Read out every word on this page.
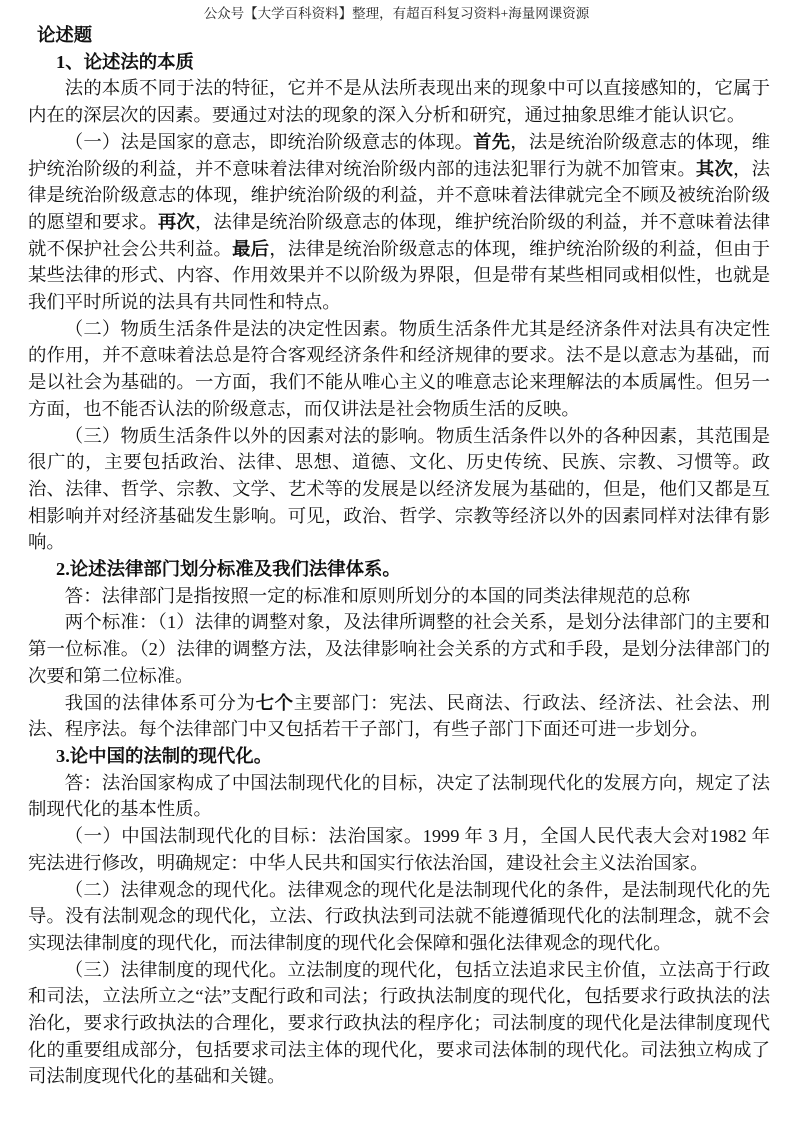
公众号【大学百科资料】整理，有超百科复习资料+海量网课资源
论述题
1、论述法的本质

法的本质不同于法的特征，它并不是从法所表现出来的现象中可以直接感知的，它属于内在的深层次的因素。要通过对法的现象的深入分析和研究，通过抽象思维才能认识它。

（一）法是国家的意志，即统治阶级意志的体现。首先，法是统治阶级意志的体现，维护统治阶级的利益，并不意味着法律对统治阶级内部的违法犯罪行为就不加管束。其次，法律是统治阶级意志的体现，维护统治阶级的利益，并不意味着法律就完全不顾及被统治阶级的愿望和要求。再次，法律是统治阶级意志的体现，维护统治阶级的利益，并不意味着法律就不保护社会公共利益。最后，法律是统治阶级意志的体现，维护统治阶级的利益，但由于某些法律的形式、内容、作用效果并不以阶级为界限，但是带有某些相同或相似性，也就是我们平时所说的法具有共同性和特点。

（二）物质生活条件是法的决定性因素。物质生活条件尤其是经济条件对法具有决定性的作用，并不意味着法总是符合客观经济条件和经济规律的要求。法不是以意志为基础，而是以社会为基础的。一方面，我们不能从唯心主义的唯意志论来理解法的本质属性。但另一方面，也不能否认法的阶级意志，而仅讲法是社会物质生活的反映。

（三）物质生活条件以外的因素对法的影响。物质生活条件以外的各种因素，其范围是很广的，主要包括政治、法律、思想、道德、文化、历史传统、民族、宗教、习惯等。政治、法律、哲学、宗教、文学、艺术等的发展是以经济发展为基础的，但是，他们又都是互相影响并对经济基础发生影响。可见，政治、哲学、宗教等经济以外的因素同样对法律有影响。

2.论述法律部门划分标准及我们法律体系。

答：法律部门是指按照一定的标准和原则所划分的本国的同类法律规范的总称

两个标准：（1）法律的调整对象，及法律所调整的社会关系，是划分法律部门的主要和第一位标准。（2）法律的调整方法，及法律影响社会关系的方式和手段，是划分法律部门的次要和第二位标准。

我国的法律体系可分为七个主要部门：宪法、民商法、行政法、经济法、社会法、刑法、程序法。每个法律部门中又包括若干子部门，有些子部门下面还可进一步划分。

3.论中国的法制的现代化。

答：法治国家构成了中国法制现代化的目标，决定了法制现代化的发展方向，规定了法制现代化的基本性质。

（一）中国法制现代化的目标：法治国家。1999 年 3 月，全国人民代表大会对1982 年宪法进行修改，明确规定：中华人民共和国实行依法治国，建设社会主义法治国家。

（二）法律观念的现代化。法律观念的现代化是法制现代化的条件，是法制现代化的先导。没有法制观念的现代化，立法、行政执法到司法就不能遵循现代化的法制理念，就不会实现法律制度的现代化，而法律制度的现代化会保障和强化法律观念的现代化。

（三）法律制度的现代化。立法制度的现代化，包括立法追求民主价值，立法高于行政和司法，立法所立之“法”支配行政和司法；行政执法制度的现代化，包括要求行政执法的法治化，要求行政执法的合理化，要求行政执法的程序化；司法制度的现代化是法律制度现代化的重要组成部分，包括要求司法主体的现代化，要求司法体制的现代化。司法独立构成了司法制度现代化的基础和关键。
